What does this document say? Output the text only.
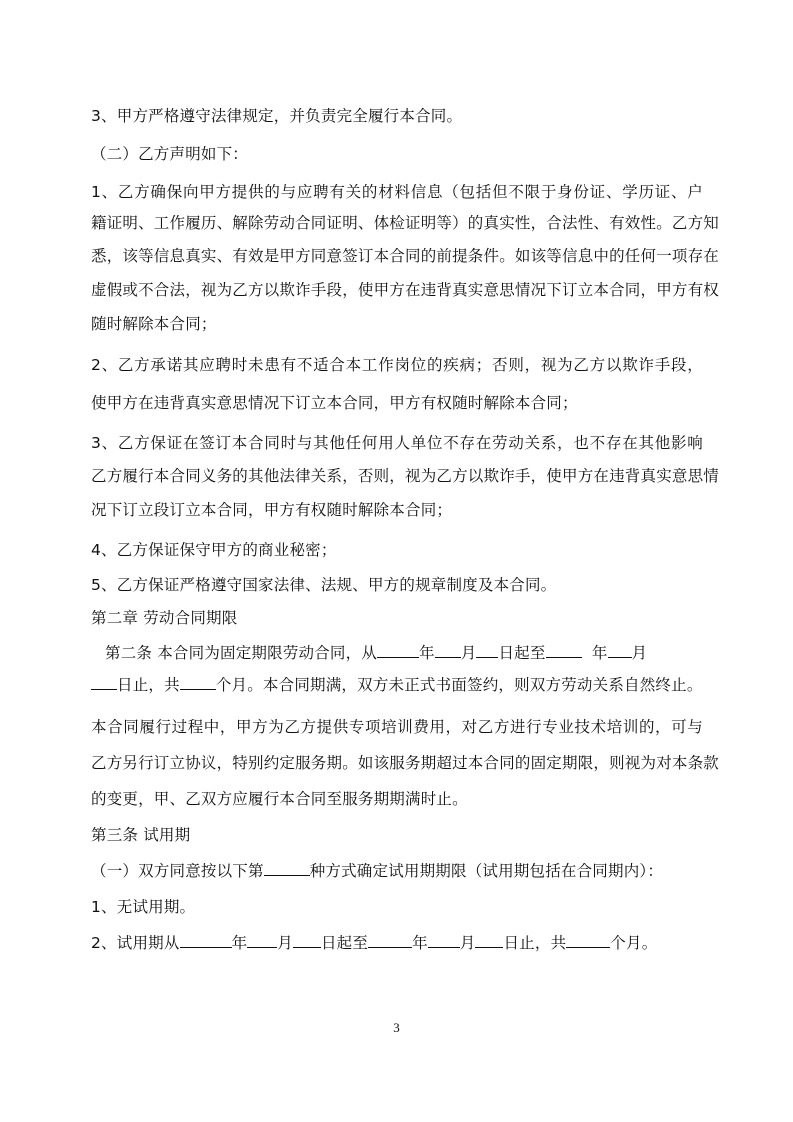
3、甲方严格遵守法律规定，并负责完全履行本合同。
（二）乙方声明如下：
1、乙方确保向甲方提供的与应聘有关的材料信息（包括但不限于身份证、学历证、户
籍证明、工作履历、解除劳动合同证明、体检证明等）的真实性，合法性、有效性。乙方知
悉，该等信息真实、有效是甲方同意签订本合同的前提条件。如该等信息中的任何一项存在
虚假或不合法，视为乙方以欺诈手段，使甲方在违背真实意思情况下订立本合同，甲方有权
随时解除本合同；
2、乙方承诺其应聘时未患有不适合本工作岗位的疾病；否则，视为乙方以欺诈手段，
使甲方在违背真实意思情况下订立本合同，甲方有权随时解除本合同；
3、乙方保证在签订本合同时与其他任何用人单位不存在劳动关系，也不存在其他影响
乙方履行本合同义务的其他法律关系，否则，视为乙方以欺诈手，使甲方在违背真实意思情
况下订立段订立本合同，甲方有权随时解除本合同；
4、乙方保证保守甲方的商业秘密；
5、乙方保证严格遵守国家法律、法规、甲方的规章制度及本合同。
第二章 劳动合同期限
第二条 本合同为固定期限劳动合同，从	年 月 日起至	年 月
日止，共 个月。本合同期满，双方未正式书面签约，则双方劳动关系自然终止。
本合同履行过程中，甲方为乙方提供专项培训费用，对乙方进行专业技术培训的，可与
乙方另行订立协议，特别约定服务期。如该服务期超过本合同的固定期限，则视为对本条款
的变更，甲、乙双方应履行本合同至服务期期满时止。
第三条 试用期
（一）双方同意按以下第	种方式确定试用期期限（试用期包括在合同期内）：
1、无试用期。
2、试用期从	年 月 日起至	年 月 日止，共	个月。
3
